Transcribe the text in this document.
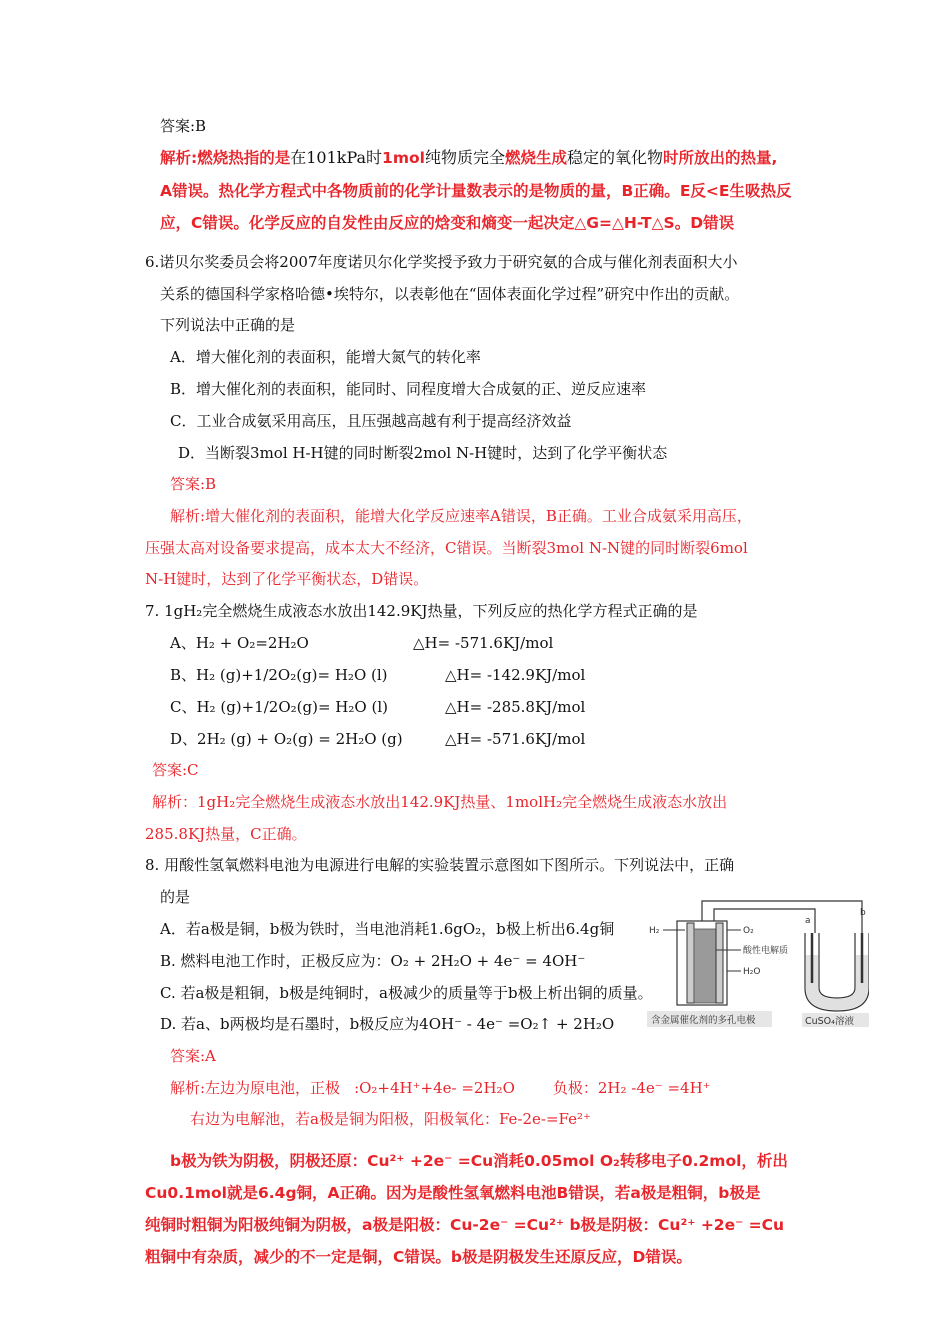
答案:B
解析:燃烧热指的是在101kPa时1mol纯物质完全燃烧生成稳定的氧化物时所放出的热量,
A错误。热化学方程式中各物质前的化学计量数表示的是物质的量，B正确。E反<E生吸热反
应，C错误。化学反应的自发性由反应的焓变和熵变一起决定△G=△H-T△S。D错误
6.诺贝尔奖委员会将2007年度诺贝尔化学奖授予致力于研究氨的合成与催化剂表面积大小
关系的德国科学家格哈德•埃特尔，以表彰他在“固体表面化学过程”研究中作出的贡献。
下列说法中正确的是
A．增大催化剂的表面积，能增大氮气的转化率
B．增大催化剂的表面积，能同时、同程度增大合成氨的正、逆反应速率
C．工业合成氨采用高压，且压强越高越有利于提高经济效益
D．当断裂3mol H-H键的同时断裂2mol N-H键时，达到了化学平衡状态
答案:B
解析:增大催化剂的表面积，能增大化学反应速率A错误，B正确。工业合成氨采用高压，
压强太高对设备要求提高，成本太大不经济，C错误。当断裂3mol N-N键的同时断裂6mol
N-H键时，达到了化学平衡状态，D错误。
7. 1gH₂完全燃烧生成液态水放出142.9KJ热量，下列反应的热化学方程式正确的是
A、H₂ + O₂=2H₂O	△H= -571.6KJ/mol
B、H₂ (g)+1/2O₂(g)= H₂O (l)	△H= -142.9KJ/mol
C、H₂ (g)+1/2O₂(g)= H₂O (l)	△H= -285.8KJ/mol
D、2H₂ (g) + O₂(g) = 2H₂O (g)	△H= -571.6KJ/mol
答案:C
解析：1gH₂完全燃烧生成液态水放出142.9KJ热量、1molH₂完全燃烧生成液态水放出
285.8KJ热量，C正确。
8. 用酸性氢氧燃料电池为电源进行电解的实验装置示意图如下图所示。下列说法中，正确
的是
A．若a极是铜，b极为铁时，当电池消耗1.6gO₂，b极上析出6.4g铜
B. 燃料电池工作时，正极反应为：O₂ + 2H₂O + 4e⁻ = 4OH⁻
C. 若a极是粗铜，b极是纯铜时，a极减少的质量等于b极上析出铜的质量。
D. 若a、b两极均是石墨时，b极反应为4OH⁻ - 4e⁻ =O₂↑ + 2H₂O
答案:A
解析:左边为原电池，正极 :O₂+4H⁺+4e- =2H₂O	负极：2H₂ -4e⁻ =4H⁺
右边为电解池，若a极是铜为阳极，阳极氧化：Fe-2e-=Fe²⁺
b极为铁为阴极，阴极还原：Cu²⁺ +2e⁻ =Cu消耗0.05mol O₂转移电子0.2mol，析出
Cu0.1mol就是6.4g铜，A正确。因为是酸性氢氧燃料电池B错误，若a极是粗铜，b极是
纯铜时粗铜为阳极纯铜为阴极，a极是阳极：Cu-2e⁻ =Cu²⁺ b极是阴极：Cu²⁺ +2e⁻ =Cu
粗铜中有杂质，减少的不一定是铜，C错误。b极是阴极发生还原反应，D错误。
H₂	O₂
酸性电解质
H₂O
a
b
含金属催化剂的多孔电极	CuSO₄溶液
